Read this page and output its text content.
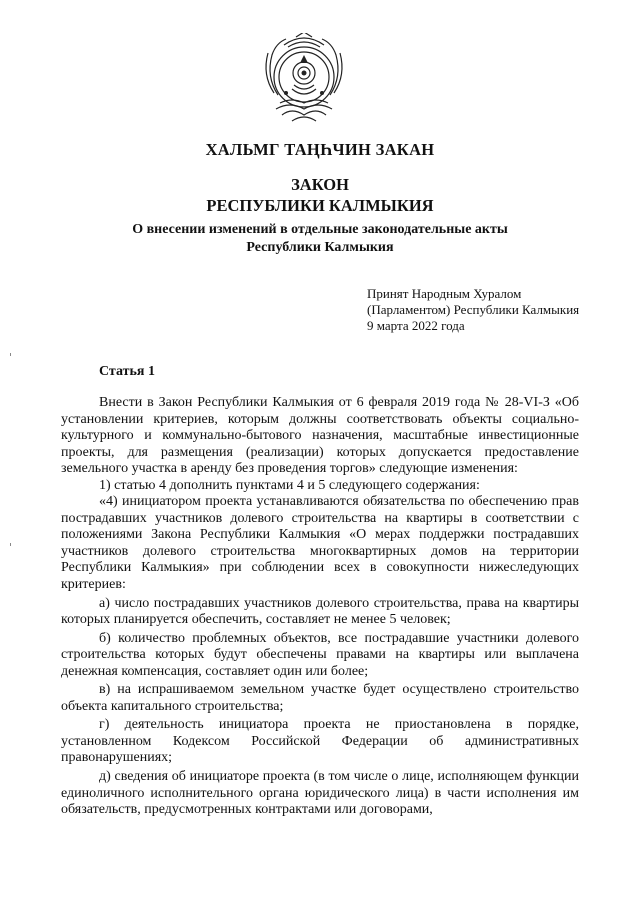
ХАЛЬМГ ТАҢҺЧИН ЗАКАН
ЗАКОН
РЕСПУБЛИКИ КАЛМЫКИЯ
О внесении изменений в отдельные законодательные акты
Республики Калмыкия
Принят Народным Хуралом
(Парламентом) Республики Калмыкия
9 марта 2022 года
Статья 1

Внести в Закон Республики Калмыкия от 6 февраля 2019 года № 28-VI-З «Об установлении критериев, которым должны соответствовать объекты социально-культурного и коммунально-бытового назначения, масштабные инвестиционные проекты, для размещения (реализации) которых допускается предоставление земельного участка в аренду без проведения торгов» следующие изменения:

1) статью 4 дополнить пунктами 4 и 5 следующего содержания:

«4) инициатором проекта устанавливаются обязательства по обеспечению прав пострадавших участников долевого строительства на квартиры в соответствии с положениями Закона Республики Калмыкия «О мерах поддержки пострадавших участников долевого строительства многоквартирных домов на территории Республики Калмыкия» при соблюдении всех в совокупности нижеследующих критериев:

а) число пострадавших участников долевого строительства, права на квартиры которых планируется обеспечить, составляет не менее 5 человек;

б) количество проблемных объектов, все пострадавшие участники долевого строительства которых будут обеспечены правами на квартиры или выплачена денежная компенсация, составляет один или более;

в) на испрашиваемом земельном участке будет осуществлено строительство объекта капитального строительства;

г) деятельность инициатора проекта не приостановлена в порядке, установленном Кодексом Российской Федерации об административных правонарушениях;

д) сведения об инициаторе проекта (в том числе о лице, исполняющем функции единоличного исполнительного органа юридического лица) в части исполнения им обязательств, предусмотренных контрактами или договорами,
